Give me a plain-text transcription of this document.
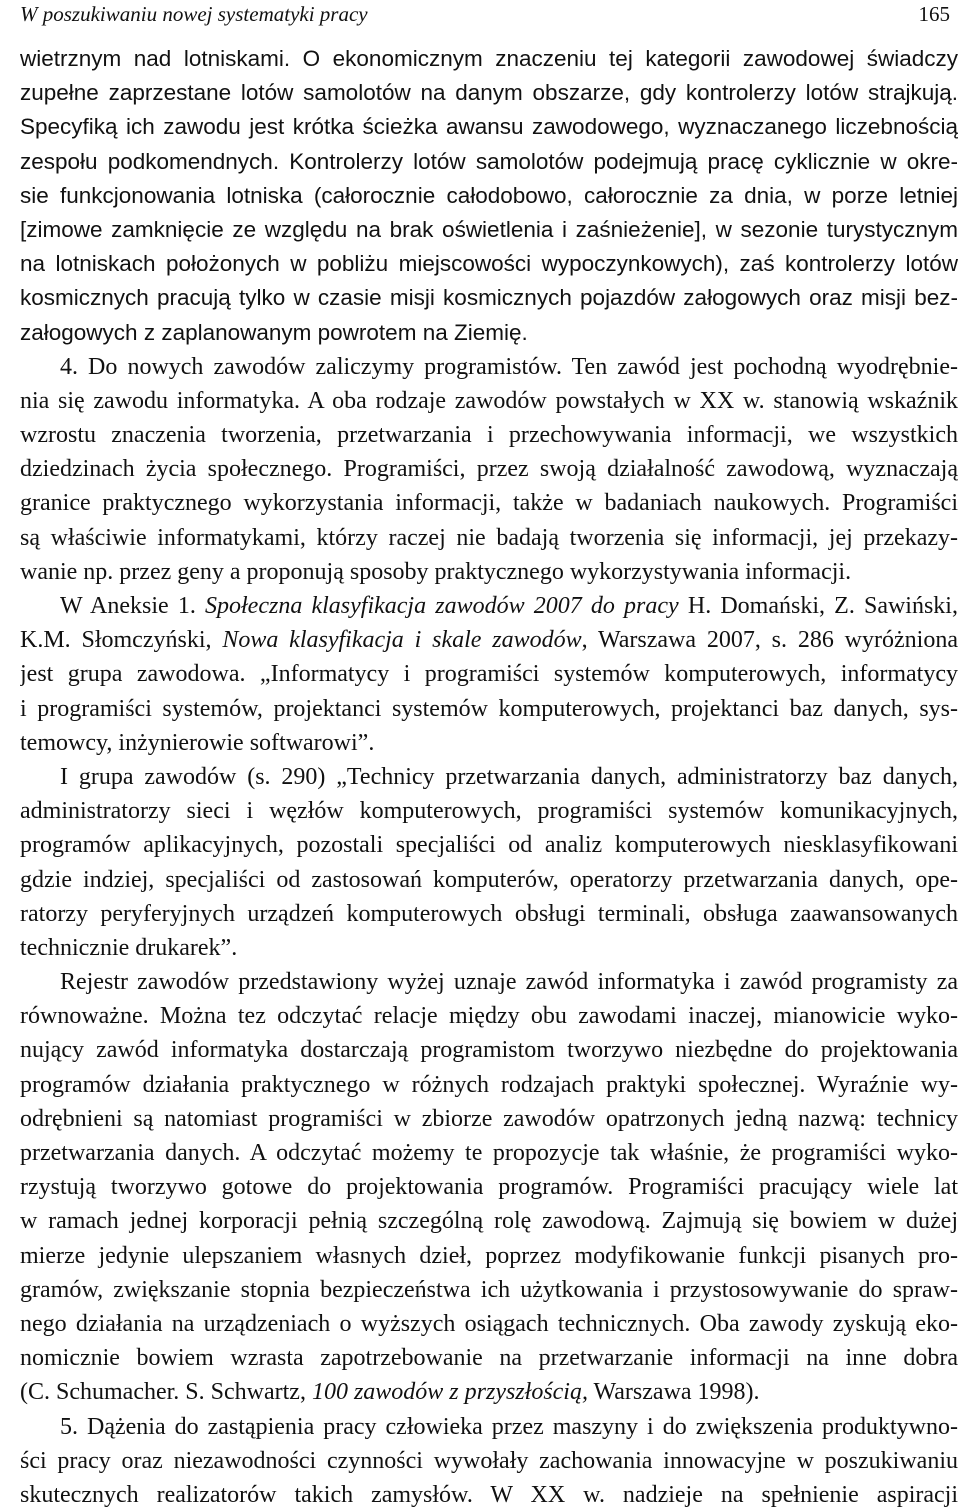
W poszukiwaniu nowej systematyki pracy	165
wietrznym nad lotniskami. O ekonomicznym znaczeniu tej kategorii zawodowej świadczy
zupełne zaprzestane lotów samolotów na danym obszarze, gdy kontrolerzy lotów strajkują.
Specyfiką ich zawodu jest krótka ścieżka awansu zawodowego, wyznaczanego liczebnością
zespołu podkomendnych. Kontrolerzy lotów samolotów podejmują pracę cyklicznie w okre-
sie funkcjonowania lotniska (całorocznie całodobowo, całorocznie za dnia, w porze letniej
[zimowe zamknięcie ze względu na brak oświetlenia i zaśnieżenie], w sezonie turystycznym
na lotniskach położonych w pobliżu miejscowości wypoczynkowych), zaś kontrolerzy lotów
kosmicznych pracują tylko w czasie misji kosmicznych pojazdów załogowych oraz misji bez-
załogowych z zaplanowanym powrotem na Ziemię.
4. Do nowych zawodów zaliczymy programistów. Ten zawód jest pochodną wyodrębnie-
nia się zawodu informatyka. A oba rodzaje zawodów powstałych w XX w. stanowią wskaźnik
wzrostu znaczenia tworzenia, przetwarzania i przechowywania informacji, we wszystkich
dziedzinach życia społecznego. Programiści, przez swoją działalność zawodową, wyznaczają
granice praktycznego wykorzystania informacji, także w badaniach naukowych. Programiści
są właściwie informatykami, którzy raczej nie badają tworzenia się informacji, jej przekazy-
wanie np. przez geny a proponują sposoby praktycznego wykorzystywania informacji.
W Aneksie 1. Społeczna klasyfikacja zawodów 2007 do pracy H. Domański, Z. Sawiński,
K.M. Słomczyński, Nowa klasyfikacja i skale zawodów, Warszawa 2007, s. 286 wyróżniona
jest grupa zawodowa. „Informatycy i programiści systemów komputerowych, informatycy
i programiści systemów, projektanci systemów komputerowych, projektanci baz danych, sys-
temowcy, inżynierowie softwarowi”.
I grupa zawodów (s. 290) „Technicy przetwarzania danych, administratorzy baz danych,
administratorzy sieci i węzłów komputerowych, programiści systemów komunikacyjnych,
programów aplikacyjnych, pozostali specjaliści od analiz komputerowych niesklasyfikowani
gdzie indziej, specjaliści od zastosowań komputerów, operatorzy przetwarzania danych, ope-
ratorzy peryferyjnych urządzeń komputerowych obsługi terminali, obsługa zaawansowanych
technicznie drukarek”.
Rejestr zawodów przedstawiony wyżej uznaje zawód informatyka i zawód programisty za
równoważne. Można tez odczytać relacje między obu zawodami inaczej, mianowicie wyko-
nujący zawód informatyka dostarczają programistom tworzywo niezbędne do projektowania
programów działania praktycznego w różnych rodzajach praktyki społecznej. Wyraźnie wy-
odrębnieni są natomiast programiści w zbiorze zawodów opatrzonych jedną nazwą: technicy
przetwarzania danych. A odczytać możemy te propozycje tak właśnie, że programiści wyko-
rzystują tworzywo gotowe do projektowania programów. Programiści pracujący wiele lat
w ramach jednej korporacji pełnią szczególną rolę zawodową. Zajmują się bowiem w dużej
mierze jedynie ulepszaniem własnych dzieł, poprzez modyfikowanie funkcji pisanych pro-
gramów, zwiększanie stopnia bezpieczeństwa ich użytkowania i przystosowywanie do spraw-
nego działania na urządzeniach o wyższych osiągach technicznych. Oba zawody zyskują eko-
nomicznie bowiem wzrasta zapotrzebowanie na przetwarzanie informacji na inne dobra
(C. Schumacher. S. Schwartz, 100 zawodów z przyszłością, Warszawa 1998).
5. Dążenia do zastąpienia pracy człowieka przez maszyny i do zwiększenia produktywno-
ści pracy oraz niezawodności czynności wywołały zachowania innowacyjne w poszukiwaniu
skutecznych realizatorów takich zamysłów. W XX w. nadzieje na spełnienie aspiracji
